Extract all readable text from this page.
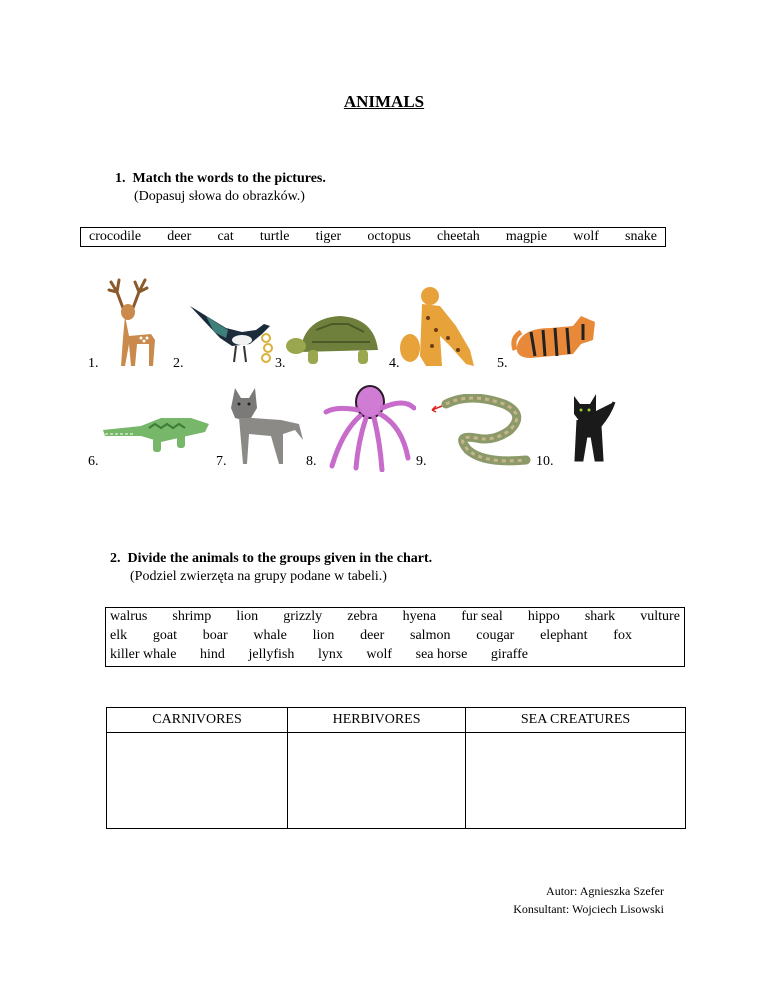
ANIMALS
1.  Match the words to the pictures.
(Dopasuj słowa do obrazków.)
crocodile deer cat turtle tiger octopus cheetah magpie wolf snake
1.	2.	3.	4.	5.
6.	7.	8.	9.	10.
2.  Divide the animals to the groups given in the chart.
(Podziel zwierzęta na grupy podane w tabeli.)
walrus shrimp lion grizzly zebra hyena fur seal hippo shark vulture
elk goat boar whale lion deer salmon cougar elephant fox
killer whale hind jellyfish lynx wolf sea horse giraffe
CARNIVORES	HERBIVORES	SEA CREATURES

Autor: Agnieszka Szefer
Konsultant: Wojciech Lisowski
